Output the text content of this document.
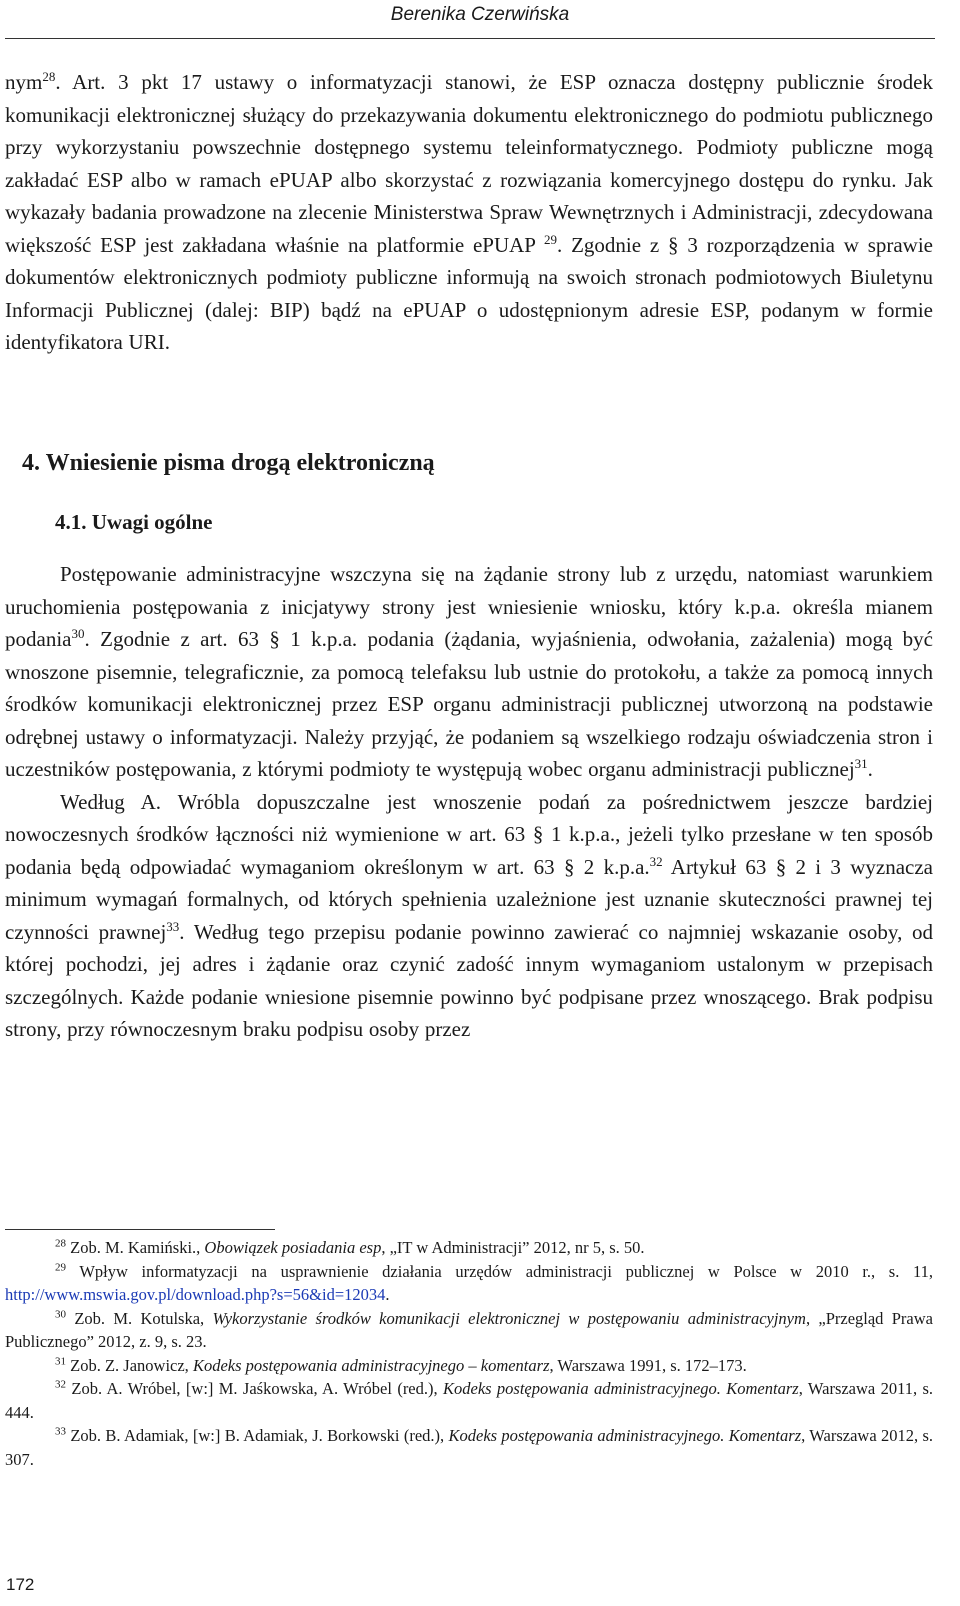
Berenika Czerwińska

nym$^{28}$. Art. 3 pkt 17 ustawy o informatyzacji stanowi, że ESP oznacza dostępny publicznie środek komunikacji elektronicznej służący do przekazywania dokumentu elektronicznego do podmiotu publicznego przy wykorzystaniu powszechnie dostępnego systemu teleinformatycznego. Podmioty publiczne mogą zakładać ESP albo w ramach ePUAP albo skorzystać z rozwiązania komercyjnego dostępu do rynku. Jak wykazały badania prowadzone na zlecenie Ministerstwa Spraw Wewnętrznych i Administracji, zdecydowana większość ESP jest zakładana właśnie na platformie ePUAP $^{29}$. Zgodnie z § 3 rozporządzenia w sprawie dokumentów elektronicznych podmioty publiczne informują na swoich stronach podmiotowych Biuletynu Informacji Publicznej (dalej: BIP) bądź na ePUAP o udostępnionym adresie ESP, podanym w formie identyfikatora URI.

4. Wniesienie pisma drogą elektroniczną
4.1. Uwagi ogólne

Postępowanie administracyjne wszczyna się na żądanie strony lub z urzędu, natomiast warunkiem uruchomienia postępowania z inicjatywy strony jest wniesienie wniosku, który k.p.a. określa mianem podania$^{30}$. Zgodnie z art. 63 § 1 k.p.a. podania (żądania, wyjaśnienia, odwołania, zażalenia) mogą być wnoszone pisemnie, telegraficznie, za pomocą telefaksu lub ustnie do protokołu, a także za pomocą innych środków komunikacji elektronicznej przez ESP organu administracji publicznej utworzoną na podstawie odrębnej ustawy o informatyzacji. Należy przyjąć, że podaniem są wszelkiego rodzaju oświadczenia stron i uczestników postępowania, z którymi podmioty te występują wobec organu administracji publicznej$^{31}$.

Według A. Wróbla dopuszczalne jest wnoszenie podań za pośrednictwem jeszcze bardziej nowoczesnych środków łączności niż wymienione w art. 63 § 1 k.p.a., jeżeli tylko przesłane w ten sposób podania będą odpowiadać wymaganiom określonym w art. 63 § 2 k.p.a.$^{32}$ Artykuł 63 § 2 i 3 wyznacza minimum wymagań formalnych, od których spełnienia uzależnione jest uznanie skuteczności prawnej tej czynności prawnej$^{33}$. Według tego przepisu podanie powinno zawierać co najmniej wskazanie osoby, od której pochodzi, jej adres i żądanie oraz czynić zadość innym wymaganiom ustalonym w przepisach szczególnych. Każde podanie wniesione pisemnie powinno być podpisane przez wnoszącego. Brak podpisu strony, przy równoczesnym braku podpisu osoby przez

$^{28}$ Zob. M. Kamiński., Obowiązek posiadania esp, „IT w Administracji” 2012, nr 5, s. 50.

$^{29}$ Wpływ informatyzacji na usprawnienie działania urzędów administracji publicznej w Polsce w 2010 r., s. 11, http://www.mswia.gov.pl/download.php?s=56&id=12034.

$^{30}$ Zob. M. Kotulska, Wykorzystanie środków komunikacji elektronicznej w postępowaniu administracyjnym, „Przegląd Prawa Publicznego” 2012, z. 9, s. 23.

$^{31}$ Zob. Z. Janowicz, Kodeks postępowania administracyjnego – komentarz, Warszawa 1991, s. 172–173.

$^{32}$ Zob. A. Wróbel, [w:] M. Jaśkowska, A. Wróbel (red.), Kodeks postępowania administracyjnego. Komentarz, Warszawa 2011, s. 444.

$^{33}$ Zob. B. Adamiak, [w:] B. Adamiak, J. Borkowski (red.), Kodeks postępowania administracyjnego. Komentarz, Warszawa 2012, s. 307.

172
